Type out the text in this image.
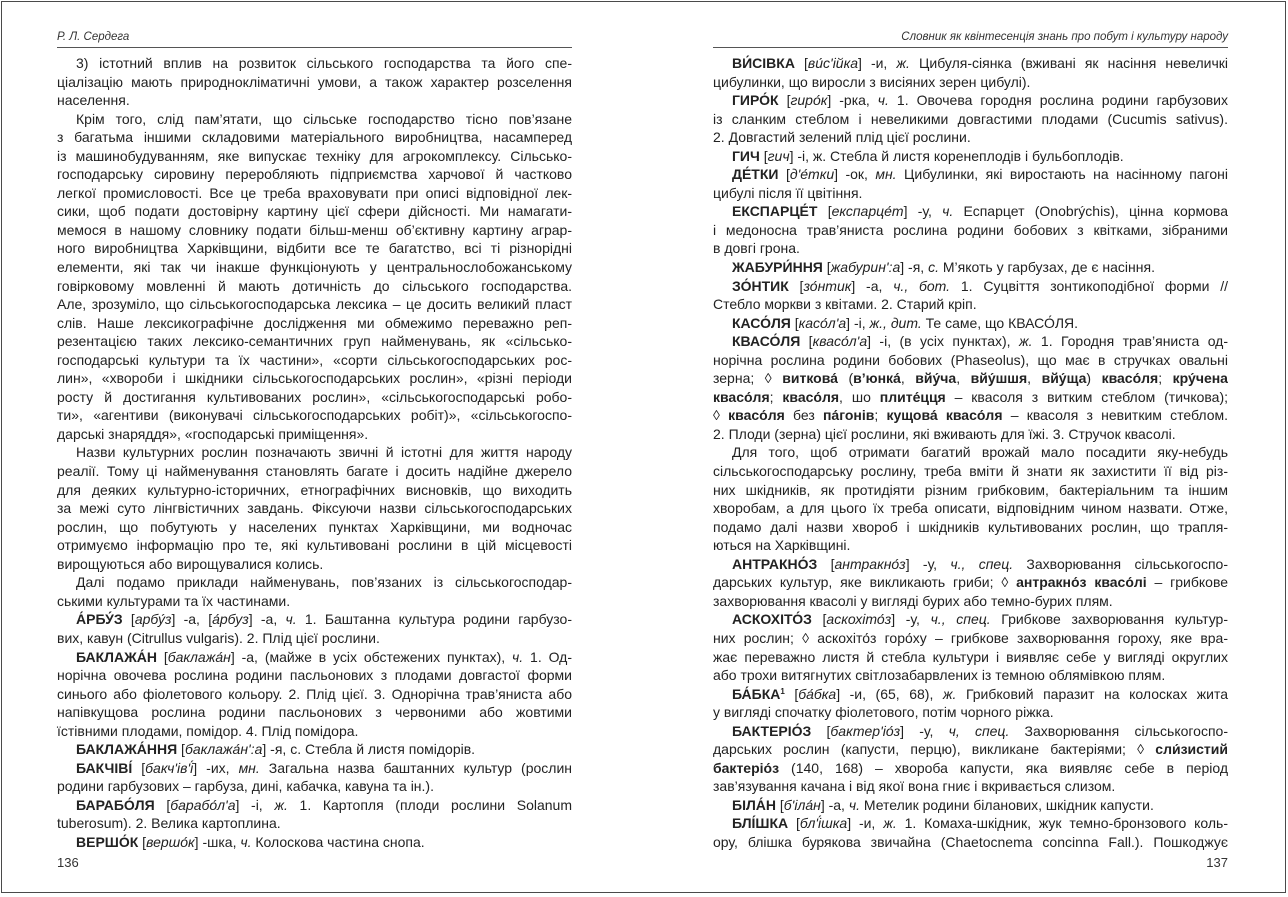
Р. Л. Сердега	Словник як квінтесенція знань про побут і культуру народу
3) істотний вплив на розвиток сільського господарства та його спе-
ціалізацію мають природнокліматичні умови, а також характер розселення
населення.
Крім того, слід пам’ятати, що сільське господарство тісно пов’язане
з багатьма іншими складовими матеріального виробництва, насамперед
із машинобудуванням, яке випускає техніку для агрокомплексу. Сільсько-
господарську сировину переробляють підприємства харчової й частково
легкої промисловості. Все це треба враховувати при описі відповідної лек-
сики, щоб подати достовірну картину цієї сфери дійсності. Ми намагати-
мемося в нашому словнику подати більш-менш об’єктивну картину аграр-
ного виробництва Харківщини, відбити все те багатство, всі ті різнорідні
елементи, які так чи інакше функціонують у центральнослобожанському
говірковому мовленні й мають дотичність до сільського господарства.
Але, зрозуміло, що сільськогосподарська лексика – це досить великий пласт
слів. Наше лексикографічне дослідження ми обмежимо переважно реп-
резентацією таких лексико-семантичних груп найменувань, як «сільсько-
господарські культури та їх частини», «сорти сільськогосподарських рос-
лин», «хвороби і шкідники сільськогосподарських рослин», «різні періоди
росту й достигання культивованих рослин», «сільськогосподарські робо-
ти», «агентиви (виконувачі сільськогосподарських робіт)», «сільськогоспо-
дарські знаряддя», «господарські приміщення».
Назви культурних рослин позначають звичні й істотні для життя народу
реалії. Тому ці найменування становлять багате і досить надійне джерело
для деяких культурно-історичних, етнографічних висновків, що виходить
за межі суто лінгвістичних завдань. Фіксуючи назви сільськогосподарських
рослин, що побутують у населених пунктах Харківщини, ми водночас
отримуємо інформацію про те, які культивовані рослини в цій місцевості
вирощуються або вирощувалися колись.
Далі подамо приклади найменувань, пов’язаних із сільськогосподар-
ськими культурами та їх частинами.
А́РБУ́З [арбу́з] -а, [а́рбуз] -а, ч. 1. Баштанна культура родини гарбузо-
вих, кавун (Citrullus vulgaris). 2. Плід цієї рослини.
БАКЛАЖА́Н [баклажа́н] -а, (майже в усіх обстежених пунктах), ч. 1. Од-
норічна овочева рослина родини пасльонових з плодами довгастої форми
синього або фіолетового кольору. 2. Плід цієї. 3. Однорічна трав’яниста або
напівкущова рослина родини пасльонових з червоними або жовтими
їстівними плодами, помідор. 4. Плід помідора.
БАКЛАЖА́ННЯ [баклажа́н':а] -я, с. Стебла й листя помідорів.
БАКЧІВІ́ [бакч'ів'і́] -их, мн. Загальна назва баштанних культур (рослин
родини гарбузових – гарбуза, дині, кабачка, кавуна та ін.).
БАРАБО́ЛЯ [барабо́л'а] -і, ж. 1. Картопля (плоди рослини Solanum
tuberosum). 2. Велика картоплина.
ВЕРШО́К [вершо́к] -шка, ч. Колоскова частина снопа.
ВИ́СІВКА [ви́с'ійка] -и, ж. Цибуля-сіянка (вживані як насіння невеличкі
цибулинки, що виросли з висіяних зерен цибулі).
ГИРО́К [гиро́к] -рка, ч. 1. Овочева городня рослина родини гарбузових
із сланким стеблом і невеликими довгастими плодами (Cucumis sativus).
2. Довгастий зелений плід цієї рослини.
ГИЧ [гич] -і, ж. Стебла й листя коренеплодів і бульбоплодів.
ДЕ́ТКИ [д'е́тки] -ок, мн. Цибулинки, які виростають на насінному пагоні
цибулі після її цвітіння.
ЕКСПАРЦЕ́Т [експарце́т] -у, ч. Еспарцет (Onobrýchis), цінна кормова
і медоносна трав’яниста рослина родини бобових з квітками, зібраними
в довгі грона.
ЖАБУРИ́ННЯ [жабурин':а] -я, с. М’якоть у гарбузах, де є насіння.
ЗО́НТИК [зо́нтик] -а, ч., бот. 1. Суцвіття зонтикоподібної форми //
Стебло моркви з квітами. 2. Старий кріп.
КАСО́ЛЯ [касо́л'а] -і, ж., дит. Те саме, що КВАСО́ЛЯ.
КВАСО́ЛЯ [квасо́л'а] -і, (в усіх пунктах), ж. 1. Городня трав’яниста од-
норічна рослина родини бобових (Phaseolus), що має в стручках овальні
зерна; ◊ виткова́ (в’юнка́, вйу́ча, вйу́шшя, вйу́ща) квасо́ля; кру́чена
квасо́ля; квасо́ля, шо плите́цця – квасоля з витким стеблом (тичкова);
◊ квасо́ля без па́гонів; кущова́ квасо́ля – квасоля з невитким стеблом.
2. Плоди (зерна) цієї рослини, які вживають для їжі. 3. Стручок квасолі.
Для того, щоб отримати багатий врожай мало посадити яку-небудь
сільськогосподарську рослину, треба вміти й знати як захистити її від різ-
них шкідників, як протидіяти різним грибковим, бактеріальним та іншим
хворобам, а для цього їх треба описати, відповідним чином назвати. Отже,
подамо далі назви хвороб і шкідників культивованих рослин, що трапля-
ються на Харківщині.
АНТРАКНО́З [антракно́з] -у, ч., спец. Захворювання сільськогоспо-
дарських культур, яке викликають гриби; ◊ антракно́з квасо́лі – грибкове
захворювання квасолі у вигляді бурих або темно-бурих плям.
АСКОХІТО́З [аскохіто́з] -у, ч., спец. Грибкове захворювання культур-
них рослин; ◊ аскохіто́з горо́ху – грибкове захворювання гороху, яке вра-
жає переважно листя й стебла культури і виявляє себе у вигляді округлих
або трохи витягнутих світлозабарвлених із темною облямівкою плям.
БА́БКА$^1$ [ба́бка] -и, (65, 68), ж. Грибковий паразит на колосках жита
у вигляді спочатку фіолетового, потім чорного ріжка.
БАКТЕРІО́З [бактер'іо́з] -у, ч, спец. Захворювання сільськогоспо-
дарських рослин (капусти, перцю), викликане бактеріями; ◊ сли́зистий
бактеріо́з (140, 168) – хвороба капусти, яка виявляє себе в період
зав’язування качана і від якої вона гниє і вкривається слизом.
БІЛА́Н [б'іла́н] -а, ч. Метелик родини біланових, шкідник капусти.
БЛІ́ШКА [бл'і́шка] -и, ж. 1. Комаха-шкідник, жук темно-бронзового коль-
ору, блішка бурякова звичайна (Chaetocnema concinna Fall.). Пошкоджує
136	137
